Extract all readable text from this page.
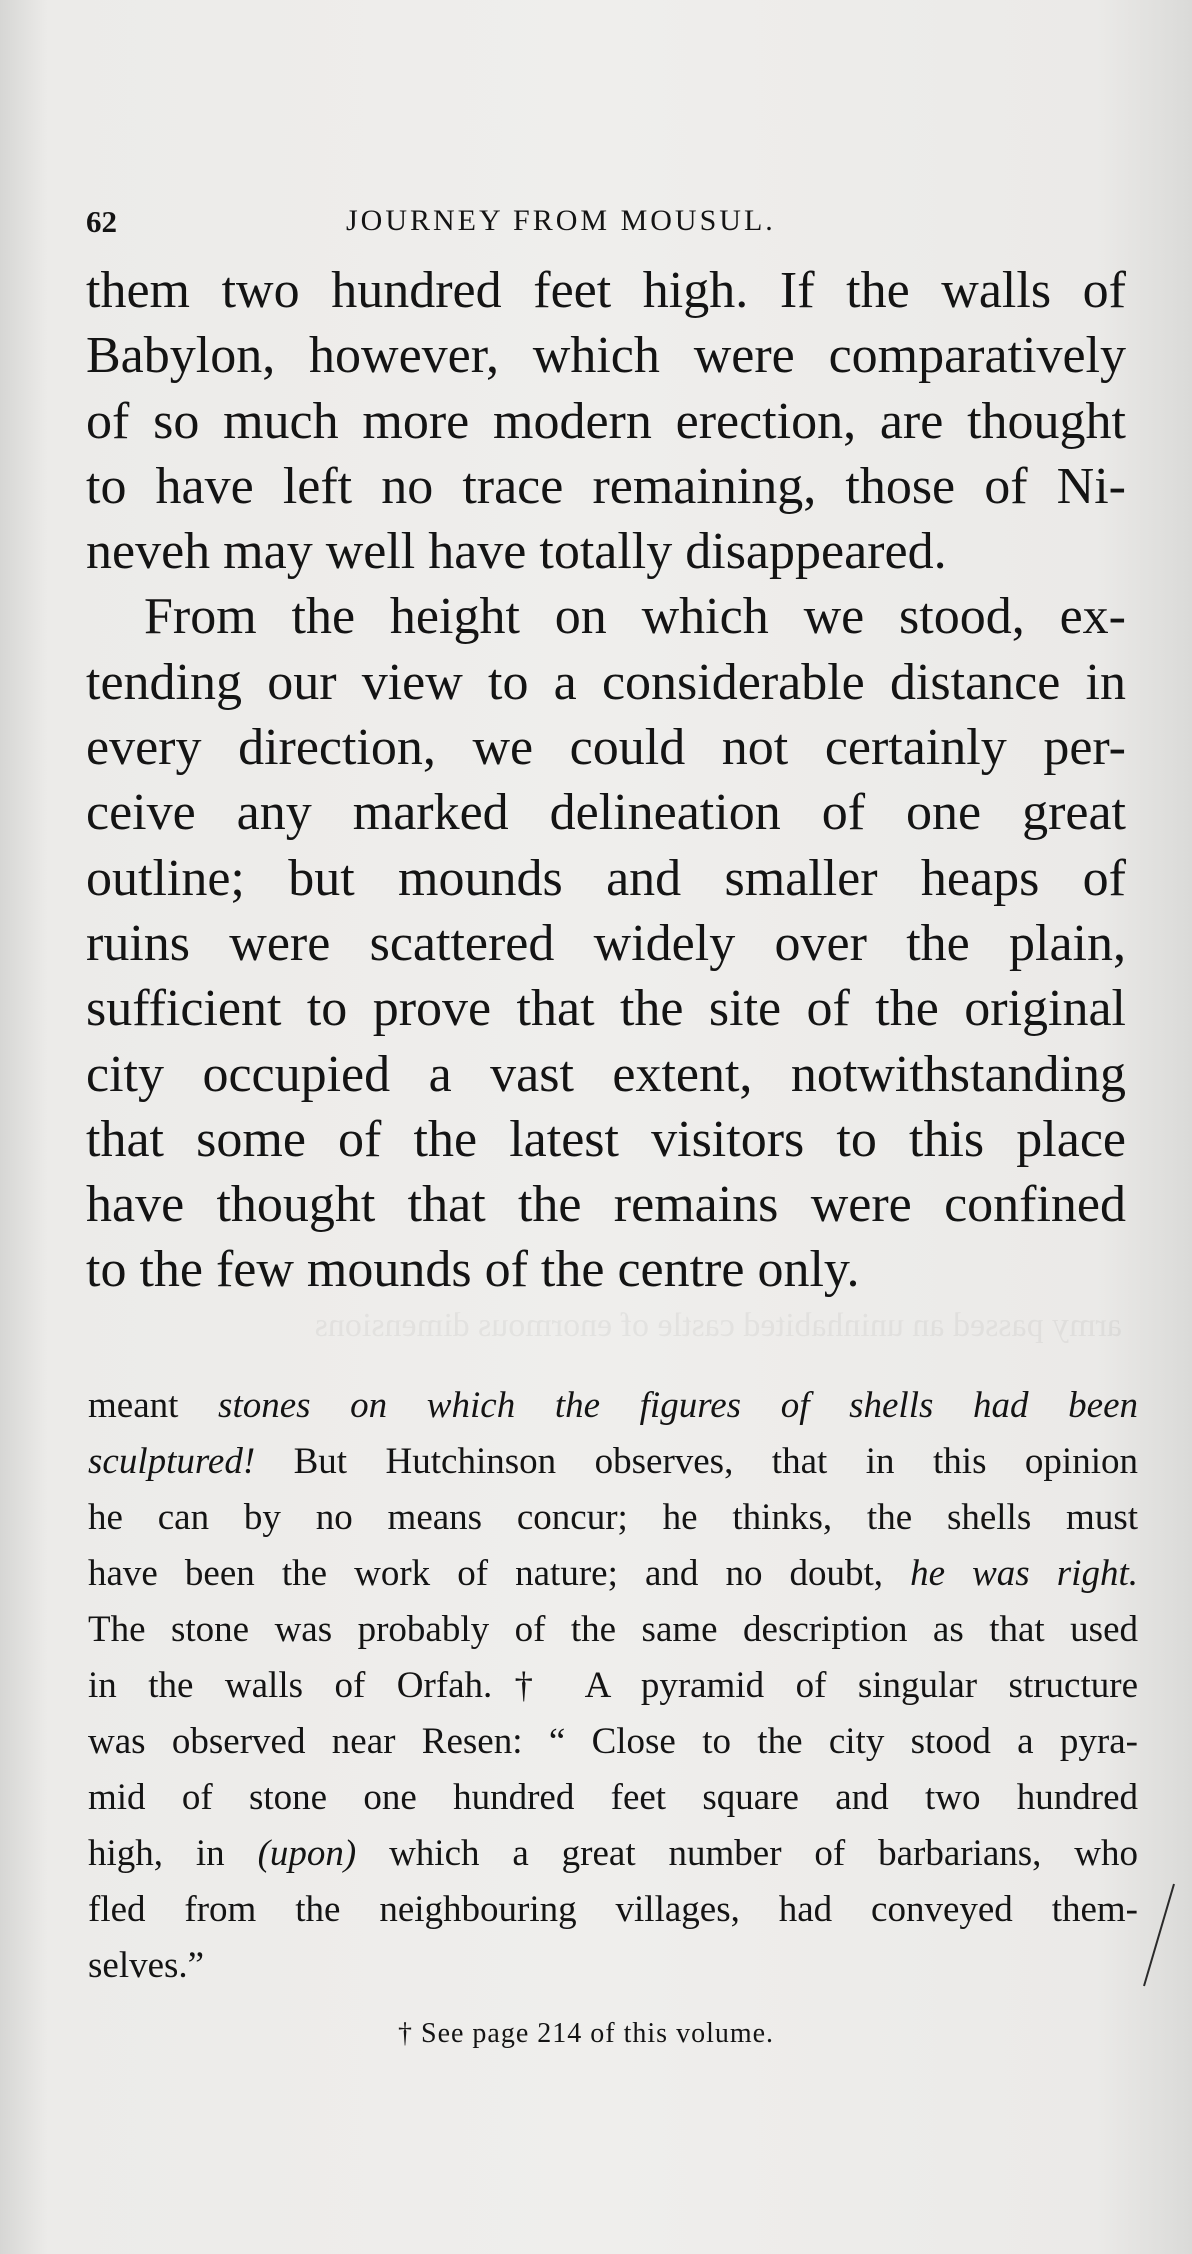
army passed an uninhabited castle of enormous dimensions
62	JOURNEY FROM MOUSUL.
them two hundred feet high. If the walls of
Babylon, however, which were comparatively
of so much more modern erection, are thought
to have left no trace remaining, those of Ni-
neveh may well have totally disappeared.
From the height on which we stood, ex-
tending our view to a considerable distance in
every direction, we could not certainly per-
ceive any marked delineation of one great
outline; but mounds and smaller heaps of
ruins were scattered widely over the plain,
sufficient to prove that the site of the original
city occupied a vast extent, notwithstanding
that some of the latest visitors to this place
have thought that the remains were confined
to the few mounds of the centre only.
meant stones on which the figures of shells had been
sculptured! But Hutchinson observes, that in this opinion
he can by no means concur; he thinks, the shells must
have been the work of nature; and no doubt, he was right.
The stone was probably of the same description as that used
in the walls of Orfah.† A pyramid of singular structure
was observed near Resen: “ Close to the city stood a pyra-
mid of stone one hundred feet square and two hundred
high, in (upon) which a great number of barbarians, who
fled from the neighbouring villages, had conveyed them-
selves.”
† See page 214 of this volume.
